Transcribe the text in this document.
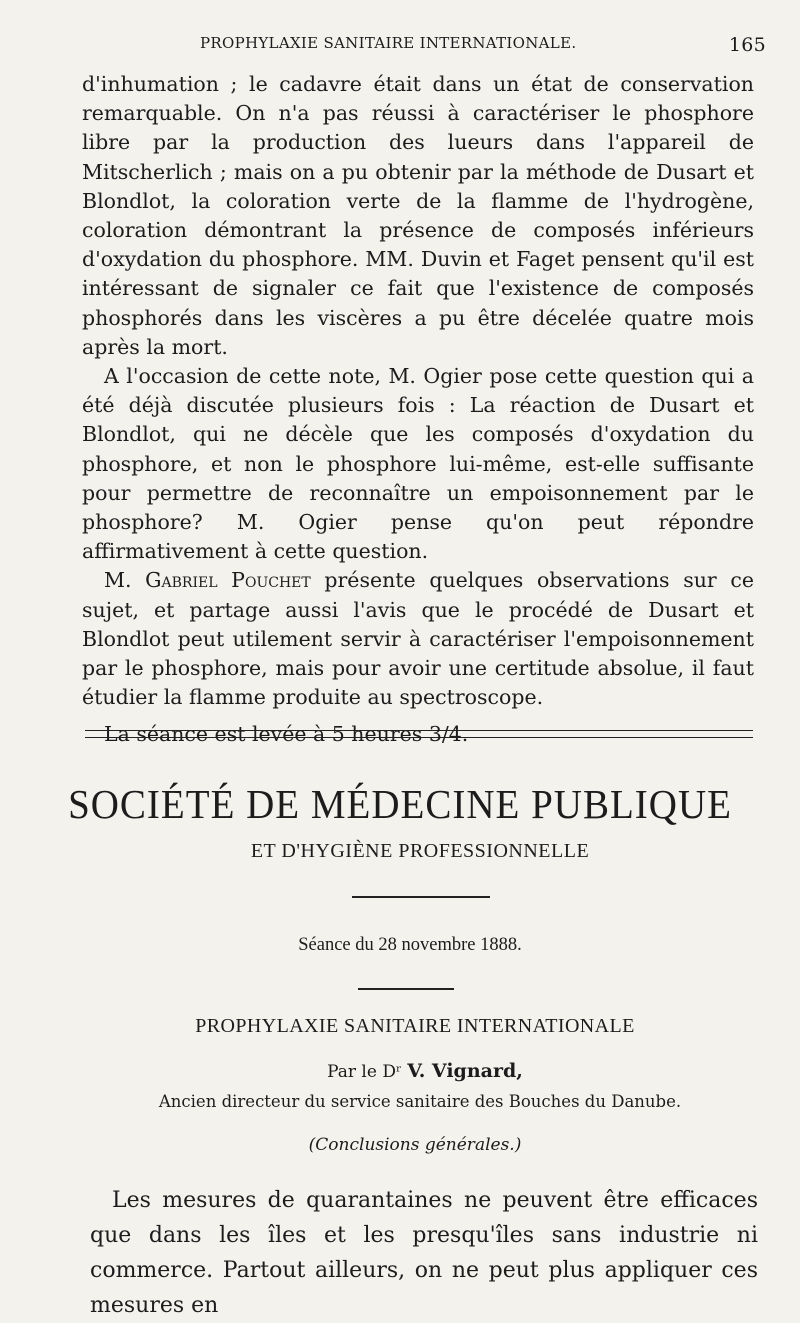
PROPHYLAXIE SANITAIRE INTERNATIONALE.	165

d'inhumation ; le cadavre était dans un état de conservation remarquable. On n'a pas réussi à caractériser le phosphore libre par la production des lueurs dans l'appareil de Mitscherlich ; mais on a pu obtenir par la méthode de Dusart et Blondlot, la coloration verte de la flamme de l'hydrogène, coloration démontrant la présence de composés inférieurs d'oxydation du phosphore. MM. Duvin et Faget pensent qu'il est intéressant de signaler ce fait que l'existence de composés phosphorés dans les viscères a pu être décelée quatre mois après la mort.

A l'occasion de cette note, M. Ogier pose cette question qui a été déjà discutée plusieurs fois : La réaction de Dusart et Blondlot, qui ne décèle que les composés d'oxydation du phosphore, et non le phosphore lui-même, est-elle suffisante pour permettre de reconnaître un empoisonnement par le phosphore? M. Ogier pense qu'on peut répondre affirmativement à cette question.

M. Gabriel Pouchet présente quelques observations sur ce sujet, et partage aussi l'avis que le procédé de Dusart et Blondlot peut utilement servir à caractériser l'empoisonnement par le phosphore, mais pour avoir une certitude absolue, il faut étudier la flamme produite au spectroscope.

La séance est levée à 5 heures 3/4.

SOCIÉTÉ DE MÉDECINE PUBLIQUE
ET D'HYGIÈNE PROFESSIONNELLE
Séance du 28 novembre 1888.
PROPHYLAXIE SANITAIRE INTERNATIONALE
Par le Dʳ V. Vignard,
Ancien directeur du service sanitaire des Bouches du Danube.
(Conclusions générales.)

Les mesures de quarantaines ne peuvent être efficaces que dans les îles et les presqu'îles sans industrie ni commerce. Partout ailleurs, on ne peut plus appliquer ces mesures en
